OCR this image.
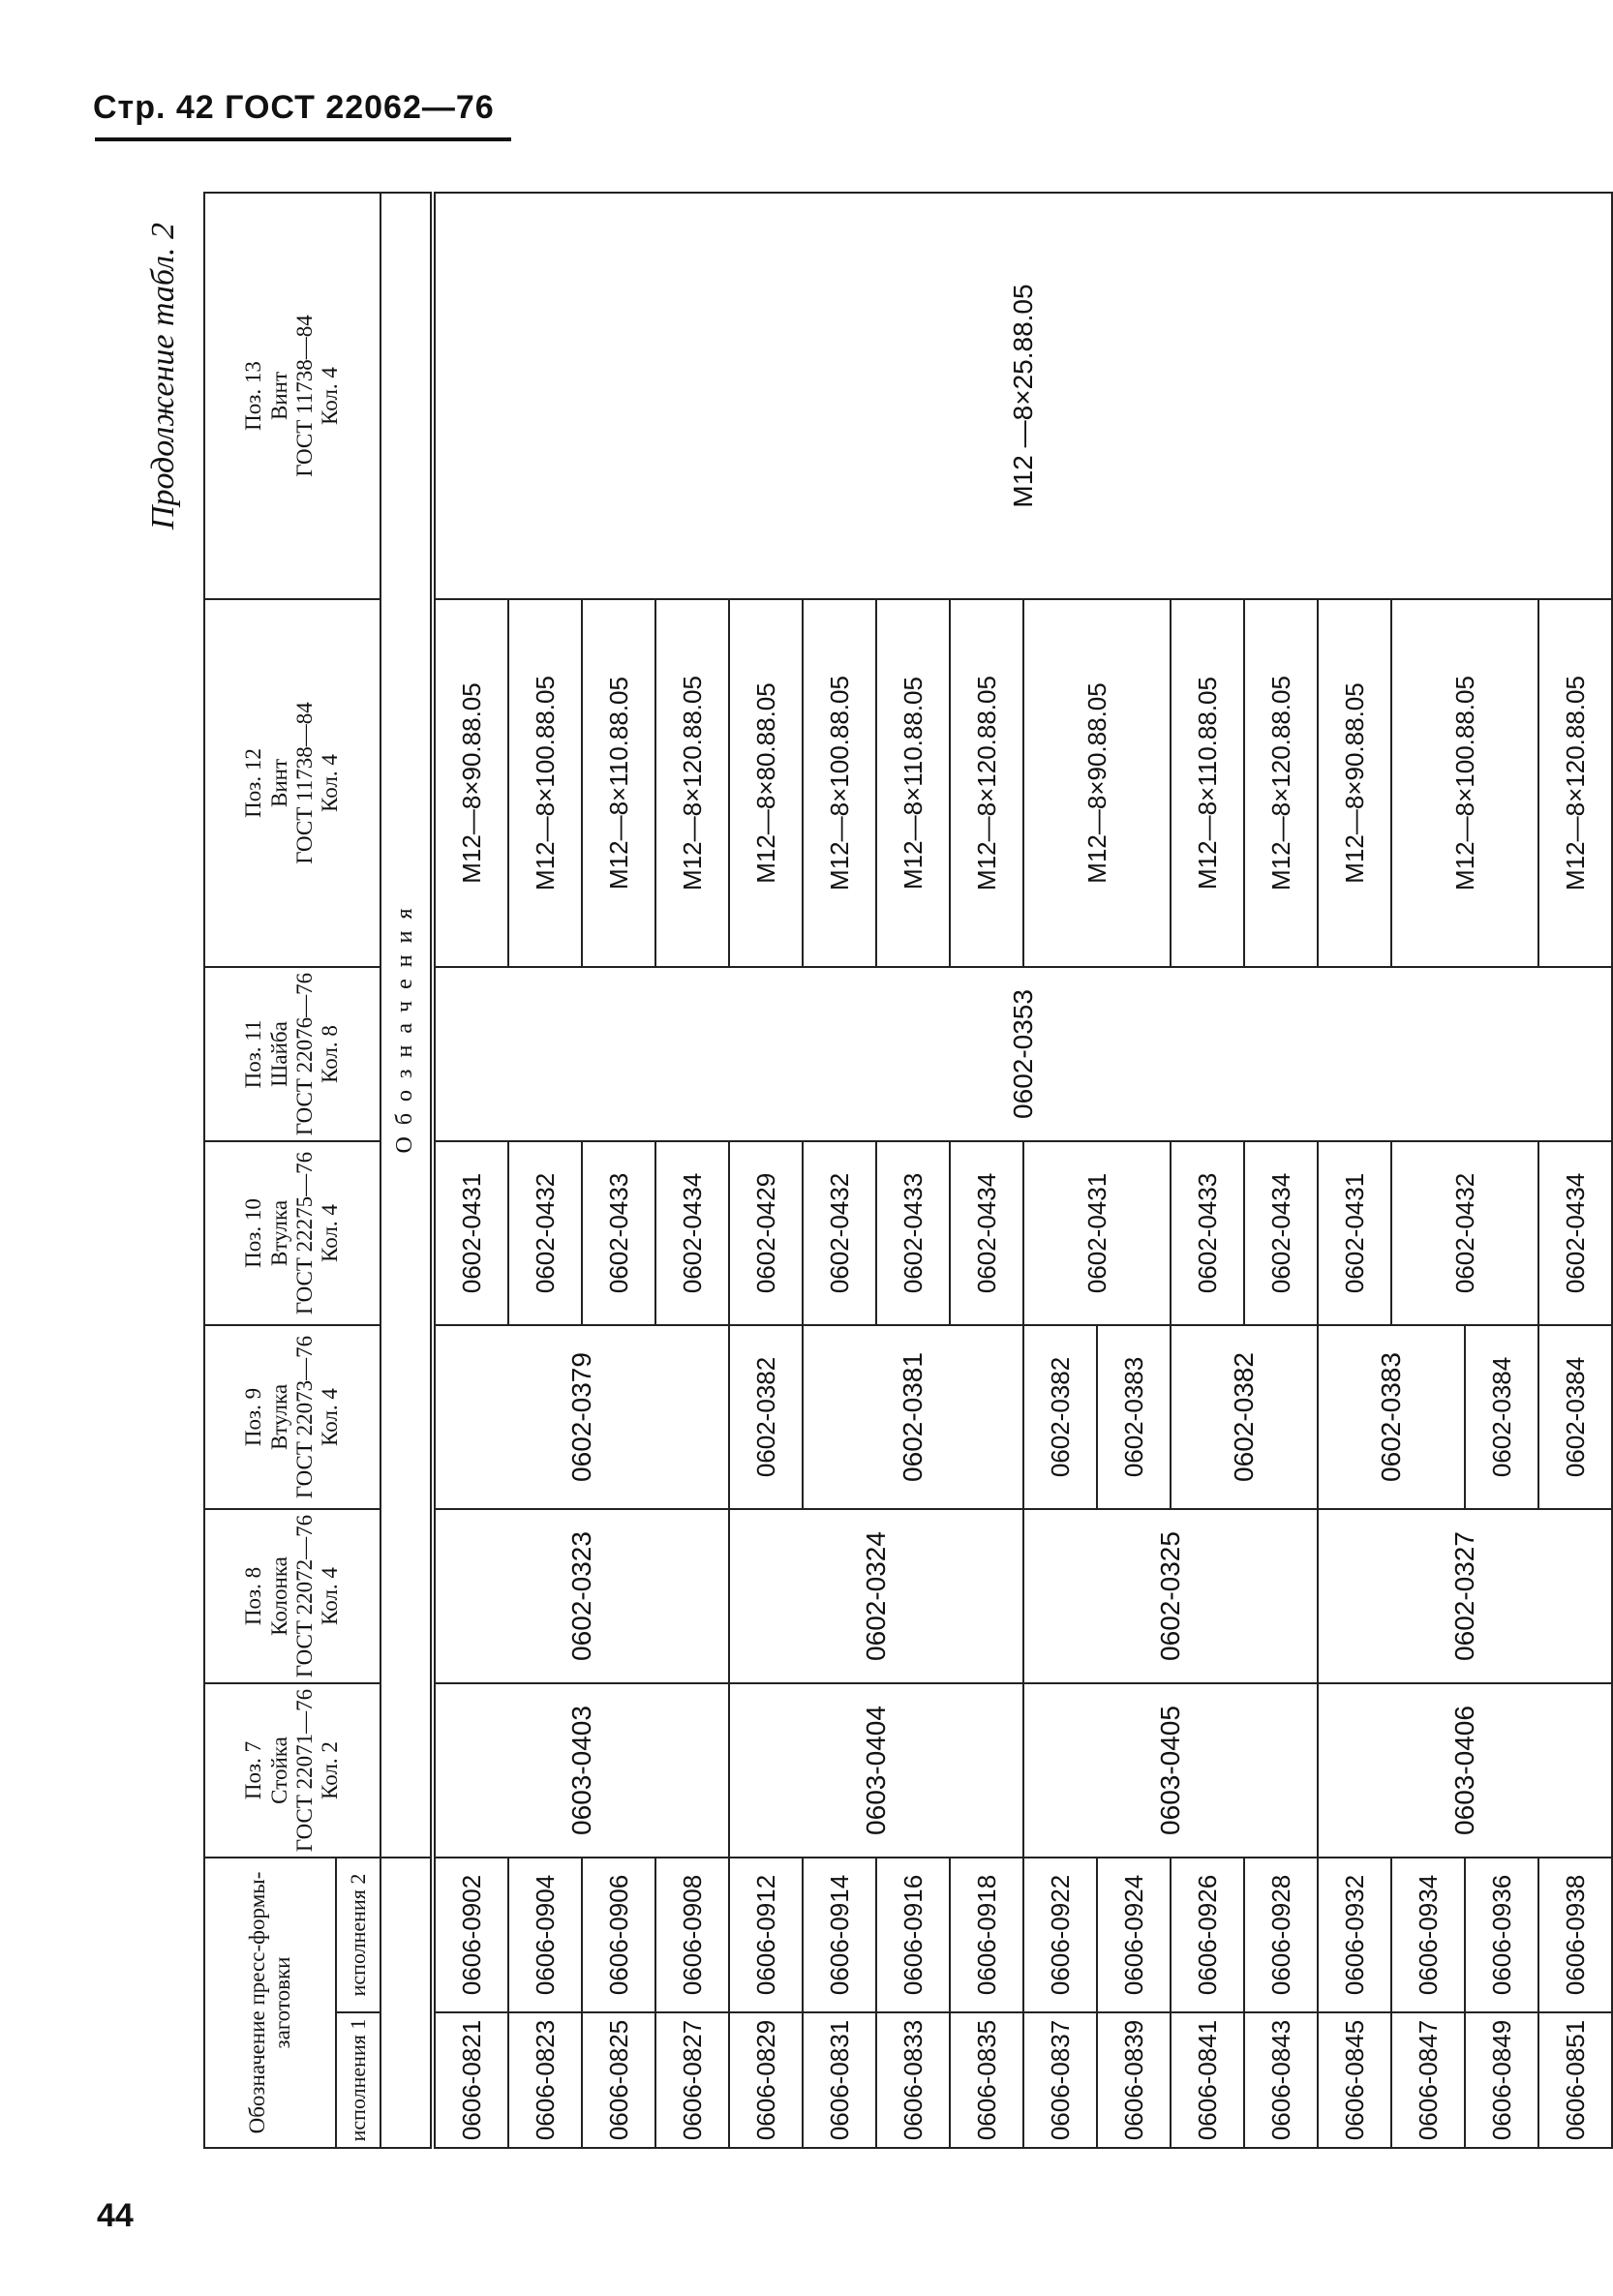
Стр. 42 ГОСТ 22062—76
Продолжение табл. 2
Обозначение пресс-формы-заготовки		Поз. 7 Стойка ГОСТ 22071—76 Кол. 2	Поз. 8 Колонка ГОСТ 22072—76 Кол. 4	Поз. 9 Втулка ГОСТ 22073—76 Кол. 4	Поз. 10 Втулка ГОСТ 22275—76 Кол. 4	Поз. 11 Шайба ГОСТ 22076—76 Кол. 8	Поз. 12 Винт ГОСТ 11738—84 Кол. 4	Поз. 13 Винт ГОСТ 11738—84 Кол. 4

исполнения 1	исполнения 2							
		Обозначения						
0606-0821	0606-0902	0603-0403	0602-0323	0602-0379	0602-0431	0602-0353	М12—8×90.88.05	М12 —8×25.88.05
0606-0823	0606-0904				0602-0432		М12—8×100.88.05	
0606-0825	0606-0906				0602-0433		М12—8×110.88.05	
0606-0827	0606-0908				0602-0434		М12—8×120.88.05	
0606-0829	0606-0912	0603-0404	0602-0324	0602-0382	0602-0429		М12—8×80.88.05	
0606-0831	0606-0914			0602-0381	0602-0432		М12—8×100.88.05	
0606-0833	0606-0916				0602-0433		М12—8×110.88.05	
0606-0835	0606-0918				0602-0434		М12—8×120.88.05	
0606-0837	0606-0922	0603-0405	0602-0325	0602-0382	0602-0431		М12—8×90.88.05	
0606-0839	0606-0924			0602-0383				
0606-0841	0606-0926			0602-0382	0602-0433		М12—8×110.88.05	
0606-0843	0606-0928				0602-0434		М12—8×120.88.05	
0606-0845	0606-0932	0603-0406	0602-0327	0602-0383	0602-0431		М12—8×90.88.05	
0606-0847	0606-0934				0602-0432		М12—8×100.88.05	
0606-0849	0606-0936			0602-0384				
0606-0851	0606-0938			0602-0384	0602-0434		М12—8×120.88.05	
44
